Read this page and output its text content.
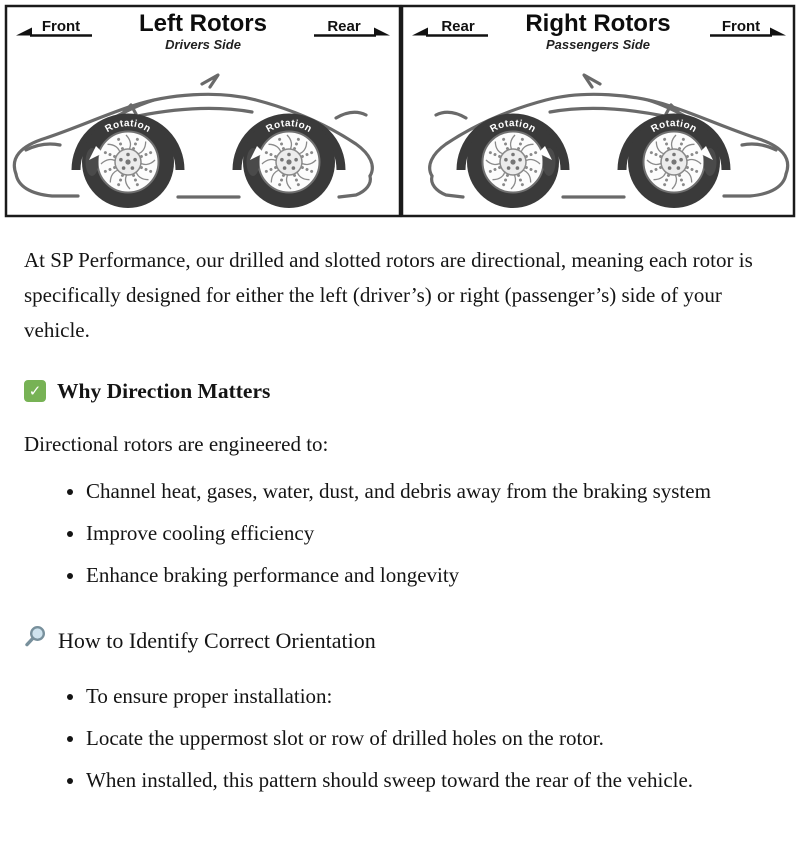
Front Left Rotors
Drivers Side
Rear	Rear Right Rotors
Passengers Side
Front
Rotation	Rotation	Rotation	Rotation

At SP Performance, our drilled and slotted rotors are directional, meaning each rotor is specifically designed for either the left (driver’s) or right (passenger’s) side of your vehicle.

✓ Why Direction Matters

Directional rotors are engineered to:

• Channel heat, gases, water, dust, and debris away from the braking system
• Improve cooling efficiency
• Enhance braking performance and longevity
How to Identify Correct Orientation
• To ensure proper installation:
• Locate the uppermost slot or row of drilled holes on the rotor.
• When installed, this pattern should sweep toward the rear of the vehicle.
